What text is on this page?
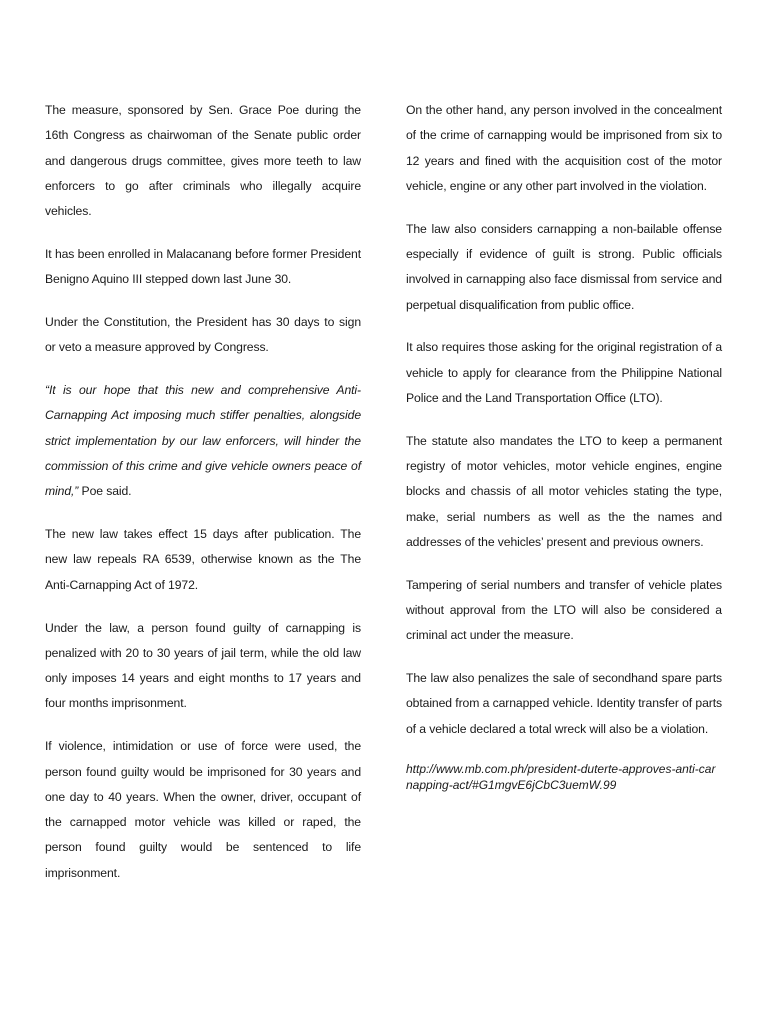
The measure, sponsored by Sen. Grace Poe during the 16th Congress as chairwoman of the Senate public order and dangerous drugs committee, gives more teeth to law enforcers to go after criminals who illegally acquire vehicles.

It has been enrolled in Malacanang before former President Benigno Aquino III stepped down last June 30.

Under the Constitution, the President has 30 days to sign or veto a measure approved by Congress.

“It is our hope that this new and comprehensive Anti-Carnapping Act imposing much stiffer penalties, alongside strict implementation by our law enforcers, will hinder the commission of this crime and give vehicle owners peace of mind,” Poe said.

The new law takes effect 15 days after publication. The new law repeals RA 6539, otherwise known as the The Anti-Carnapping Act of 1972.

Under the law, a person found guilty of carnapping is penalized with 20 to 30 years of jail term, while the old law only imposes 14 years and eight months to 17 years and four months imprisonment.

If violence, intimidation or use of force were used, the person found guilty would be imprisoned for 30 years and one day to 40 years. When the owner, driver, occupant of the carnapped motor vehicle was killed or raped, the person found guilty would be sentenced to life imprisonment.

On the other hand, any person involved in the concealment of the crime of carnapping would be imprisoned from six to 12 years and fined with the acquisition cost of the motor vehicle, engine or any other part involved in the violation.

The law also considers carnapping a non-bailable offense especially if evidence of guilt is strong. Public officials involved in carnapping also face dismissal from service and perpetual disqualification from public office.

It also requires those asking for the original registration of a vehicle to apply for clearance from the Philippine National Police and the Land Transportation Office (LTO).

The statute also mandates the LTO to keep a permanent registry of motor vehicles, motor vehicle engines, engine blocks and chassis of all motor vehicles stating the type, make, serial numbers as well as the the names and addresses of the vehicles’ present and previous owners.

Tampering of serial numbers and transfer of vehicle plates without approval from the LTO will also be considered a criminal act under the measure.

The law also penalizes the sale of secondhand spare parts obtained from a carnapped vehicle. Identity transfer of parts of a vehicle declared a total wreck will also be a violation.

http://www.mb.com.ph/president-duterte-approves-anti-carnapping-act/#G1mgvE6jCbC3uemW.99
